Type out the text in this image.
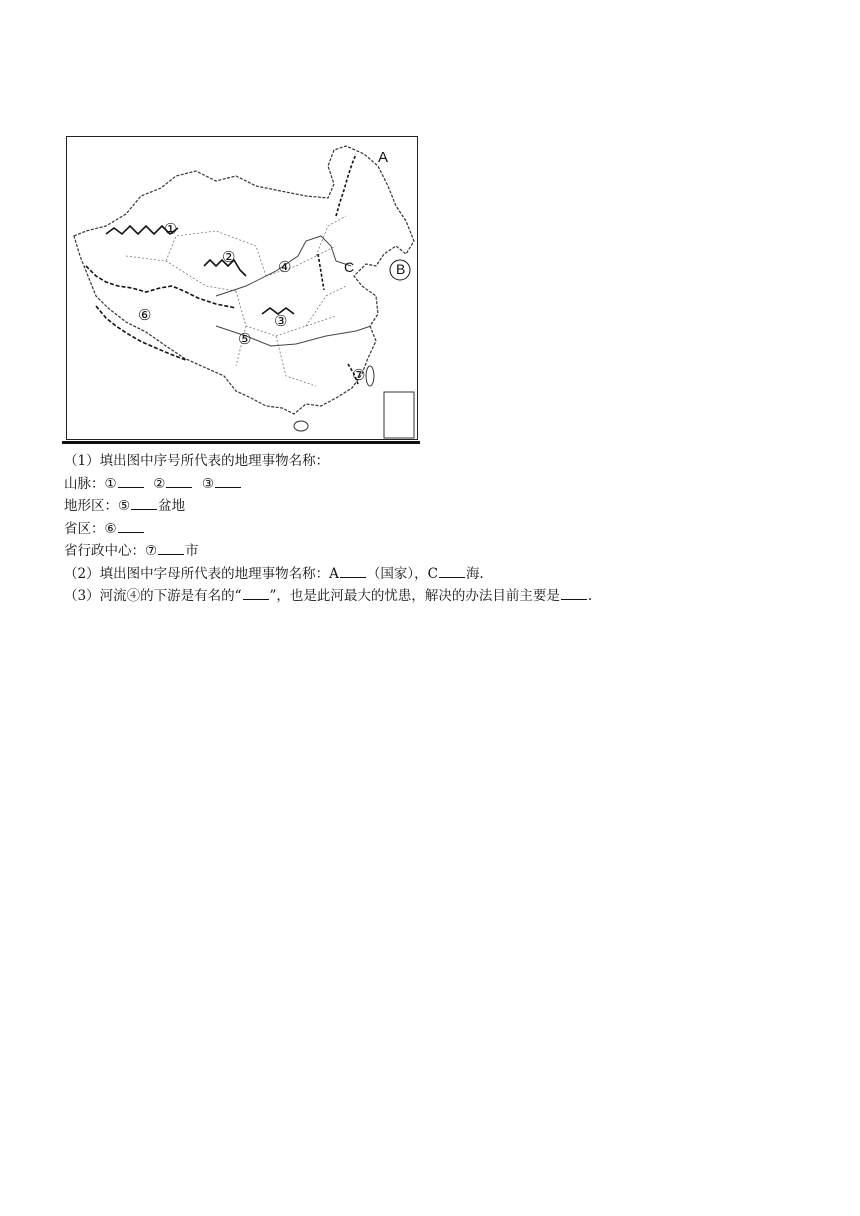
A
B
C
①
②
③
④
⑤
⑥
⑦
（1）填出图中序号所代表的地理事物名称：
山脉：①	②	③
地形区：⑤ 盆地
省区：⑥
省行政中心：⑦ 市
（2）填出图中字母所代表的地理事物名称：A （国家），C 海.
（3）河流④的下游是有名的“ ”，也是此河最大的忧患，解决的办法目前主要是 .
